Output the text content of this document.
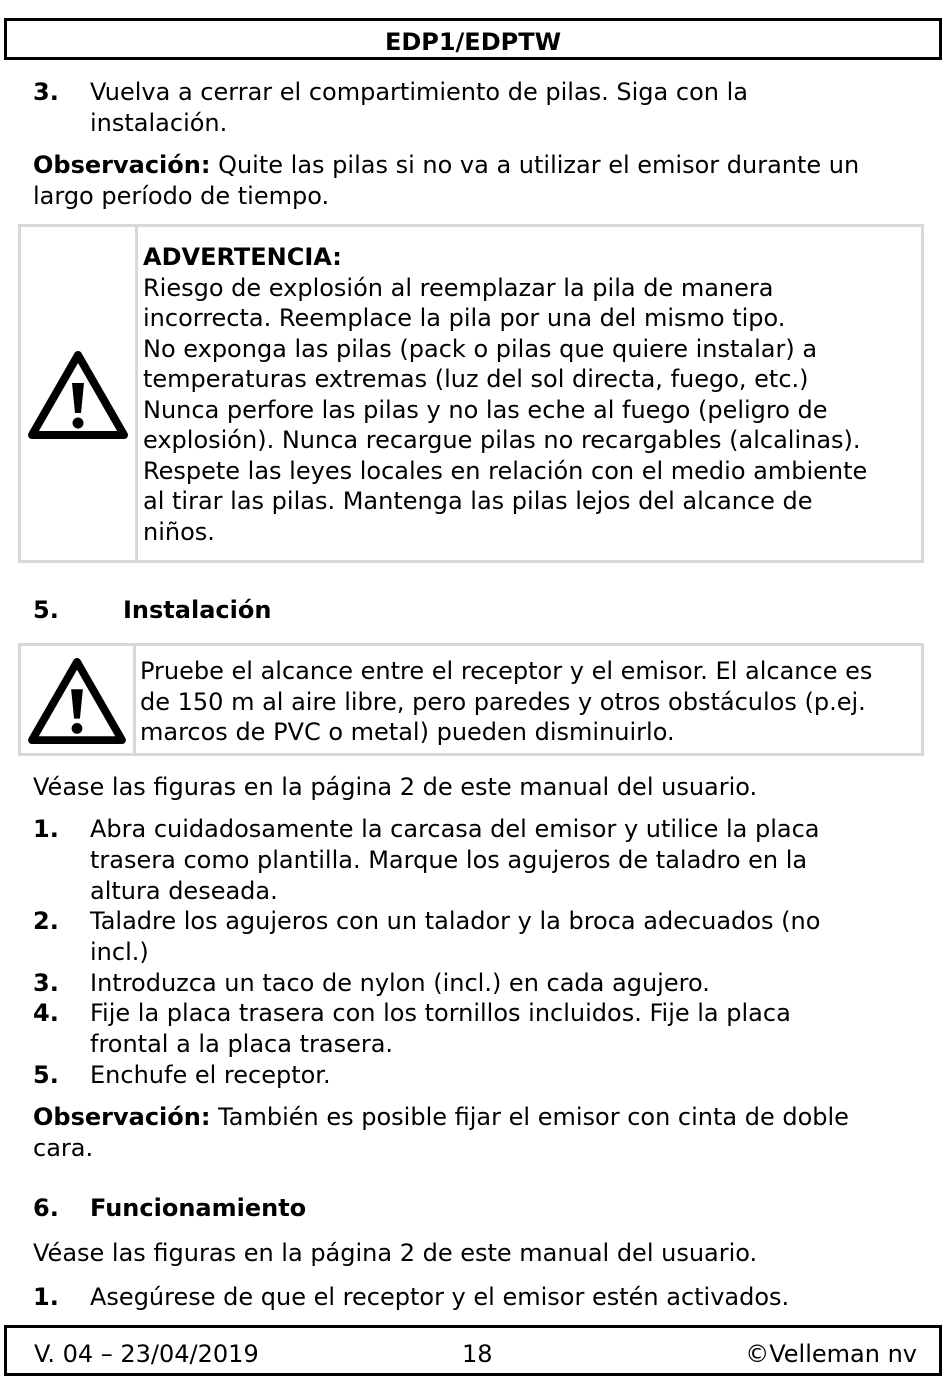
EDP1/EDPTW
3. Vuelva a cerrar el compartimiento de pilas. Siga con la
instalación.
Observación: Quite las pilas si no va a utilizar el emisor durante un
largo período de tiempo.
ADVERTENCIA:
Riesgo de explosión al reemplazar la pila de manera
incorrecta. Reemplace la pila por una del mismo tipo.
No exponga las pilas (pack o pilas que quiere instalar) a
temperaturas extremas (luz del sol directa, fuego, etc.)
Nunca perfore las pilas y no las eche al fuego (peligro de
explosión). Nunca recargue pilas no recargables (alcalinas).
Respete las leyes locales en relación con el medio ambiente
al tirar las pilas. Mantenga las pilas lejos del alcance de
niños.
5.	Instalación
Pruebe el alcance entre el receptor y el emisor. El alcance es
de 150 m al aire libre, pero paredes y otros obstáculos (p.ej.
marcos de PVC o metal) pueden disminuirlo.
Véase las figuras en la página 2 de este manual del usuario.
1. Abra cuidadosamente la carcasa del emisor y utilice la placa
trasera como plantilla. Marque los agujeros de taladro en la
altura deseada.
2. Taladre los agujeros con un talador y la broca adecuados (no
incl.)
3. Introduzca un taco de nylon (incl.) en cada agujero.
4. Fije la placa trasera con los tornillos incluidos. Fije la placa
frontal a la placa trasera.
5. Enchufe el receptor.
Observación: También es posible fijar el emisor con cinta de doble
cara.
6. Funcionamiento
Véase las figuras en la página 2 de este manual del usuario.
1. Asegúrese de que el receptor y el emisor estén activados.
V. 04 – 23/04/2019	18	©Velleman nv
